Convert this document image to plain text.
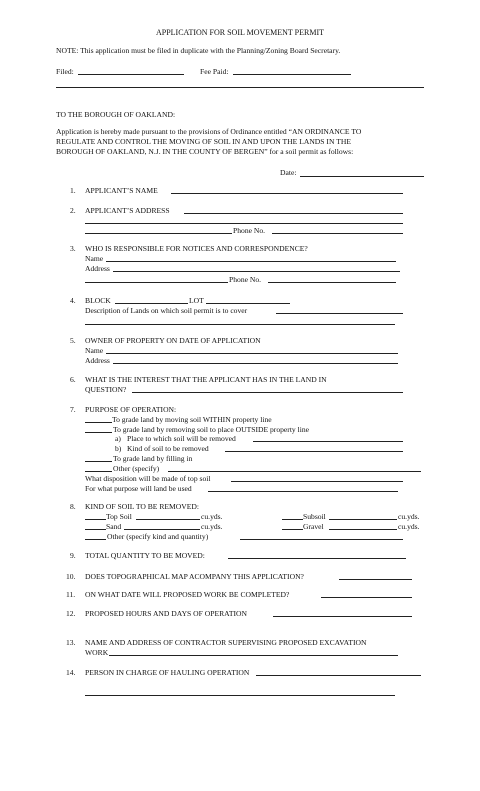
APPLICATION FOR SOIL MOVEMENT PERMIT
NOTE: This application must be filed in duplicate with the Planning/Zoning Board Secretary.
Filed:	Fee Paid:
TO THE BOROUGH OF OAKLAND:
Application is hereby made pursuant to the provisions of Ordinance entitled “AN ORDINANCE TO
REGULATE AND CONTROL THE MOVING OF SOIL IN AND UPON THE LANDS IN THE
BOROUGH OF OAKLAND, N.J. IN THE COUNTY OF BERGEN” for a soil permit as follows:
Date:
1. APPLICANT’S NAME
2. APPLICANT’S ADDRESS
Phone No.
3. WHO IS RESPONSIBLE FOR NOTICES AND CORRESPONDENCE?
Name
Address
Phone No.
4. BLOCK	LOT
Description of Lands on which soil permit is to cover
5. OWNER OF PROPERTY ON DATE OF APPLICATION
Name
Address
6. WHAT IS THE INTEREST THAT THE APPLICANT HAS IN THE LAND IN
QUESTION?
7. PURPOSE OF OPERATION:
To grade land by moving soil WITHIN property line
To grade land by removing soil to place OUTSIDE property line
a) Place to which soil will be removed
b) Kind of soil to be removed
To grade land by filling in
Other (specify)
What disposition will be made of top soil
For what purpose will land be used
8. KIND OF SOIL TO BE REMOVED:
Top Soil	cu.yds.	Subsoil	cu.yds.
Sand	cu.yds.	Gravel	cu.yds.
Other (specify kind and quantity)
9. TOTAL QUANTITY TO BE MOVED:
10. DOES TOPOGRAPHICAL MAP ACOMPANY THIS APPLICATION?
11. ON WHAT DATE WILL PROPOSED WORK BE COMPLETED?
12. PROPOSED HOURS AND DAYS OF OPERATION
13. NAME AND ADDRESS OF CONTRACTOR SUPERVISING PROPOSED EXCAVATION
WORK
14. PERSON IN CHARGE OF HAULING OPERATION
